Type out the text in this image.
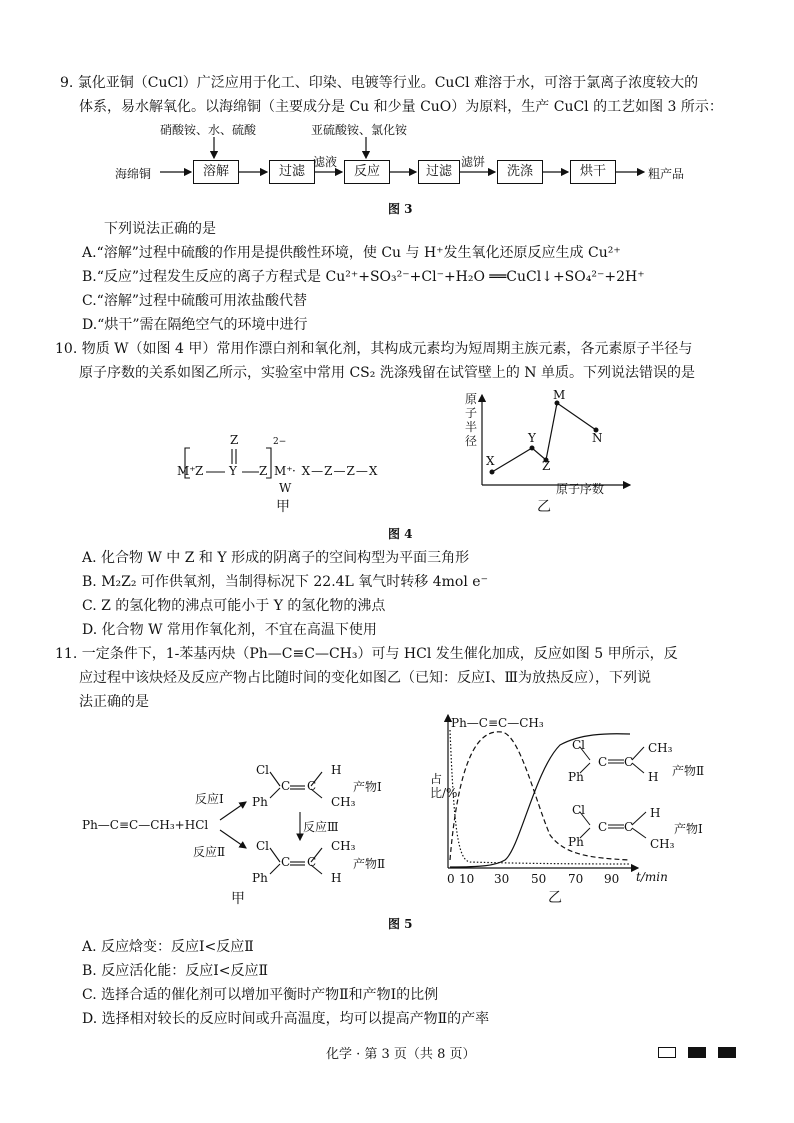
9. 氯化亚铜（CuCl）广泛应用于化工、印染、电镀等行业。CuCl 难溶于水，可溶于氯离子浓度较大的
体系，易水解氧化。以海绵铜（主要成分是 Cu 和少量 CuO）为原料，生产 CuCl 的工艺如图 3 所示：
硝酸铵、水、硫酸	亚硫酸铵、氯化铵
海绵铜	溶解	过滤
滤液
反应	过滤
滤饼
洗涤	烘干	粗产品
图 3
下列说法正确的是
A.“溶解”过程中硫酸的作用是提供酸性环境，使 Cu 与 H⁺发生氧化还原反应生成 Cu²⁺
B.“反应”过程发生反应的离子方程式是 Cu²⁺+SO₃²⁻+Cl⁻+H₂O ══CuCl↓+SO₄²⁻+2H⁺
C.“溶解”过程中硫酸可用浓盐酸代替
D.“烘干”需在隔绝空气的环境中进行
10. 物质 W（如图 4 甲）常用作漂白剂和氧化剂，其构成元素均为短周期主族元素，各元素原子半径与
原子序数的关系如图乙所示，实验室中常用 CS₂ 洗涤残留在试管壁上的 N 单质。下列说法错误的是
Z
M⁺ Z Y Z
2−
M⁺ · X—Z—Z—X
W
甲
原子半径
X
Y
Z
M
N
原子序数
乙
图 4
A. 化合物 W 中 Z 和 Y 形成的阴离子的空间构型为平面三角形
B. M₂Z₂ 可作供氧剂，当制得标况下 22.4L 氧气时转移 4mol e⁻
C. Z 的氢化物的沸点可能小于 Y 的氢化物的沸点
D. 化合物 W 常用作氧化剂，不宜在高温下使用
11. 一定条件下，1-苯基丙炔（Ph—C≡C—CH₃）可与 HCl 发生催化加成，反应如图 5 甲所示，反
应过程中该炔烃及反应产物占比随时间的变化如图乙（已知：反应Ⅰ、Ⅲ为放热反应），下列说
法正确的是
Ph—C≡C—CH₃+HCl
反应Ⅰ
反应Ⅱ
反应Ⅲ
Cl
Ph
C C
H
CH₃
产物Ⅰ
Cl
Ph
C C
CH₃
H
产物Ⅱ
甲
Ph—C≡C—CH₃
占比/%
Cl
Ph
C C
CH₃
H 产物Ⅱ
Cl
Ph
C C
H
CH₃
产物Ⅰ
0 10 30 50 70 90 t/min
乙
图 5
A. 反应焓变：反应Ⅰ<反应Ⅱ
B. 反应活化能：反应Ⅰ<反应Ⅱ
C. 选择合适的催化剂可以增加平衡时产物Ⅱ和产物Ⅰ的比例
D. 选择相对较长的反应时间或升高温度，均可以提高产物Ⅱ的产率
化学 · 第 3 页（共 8 页）
